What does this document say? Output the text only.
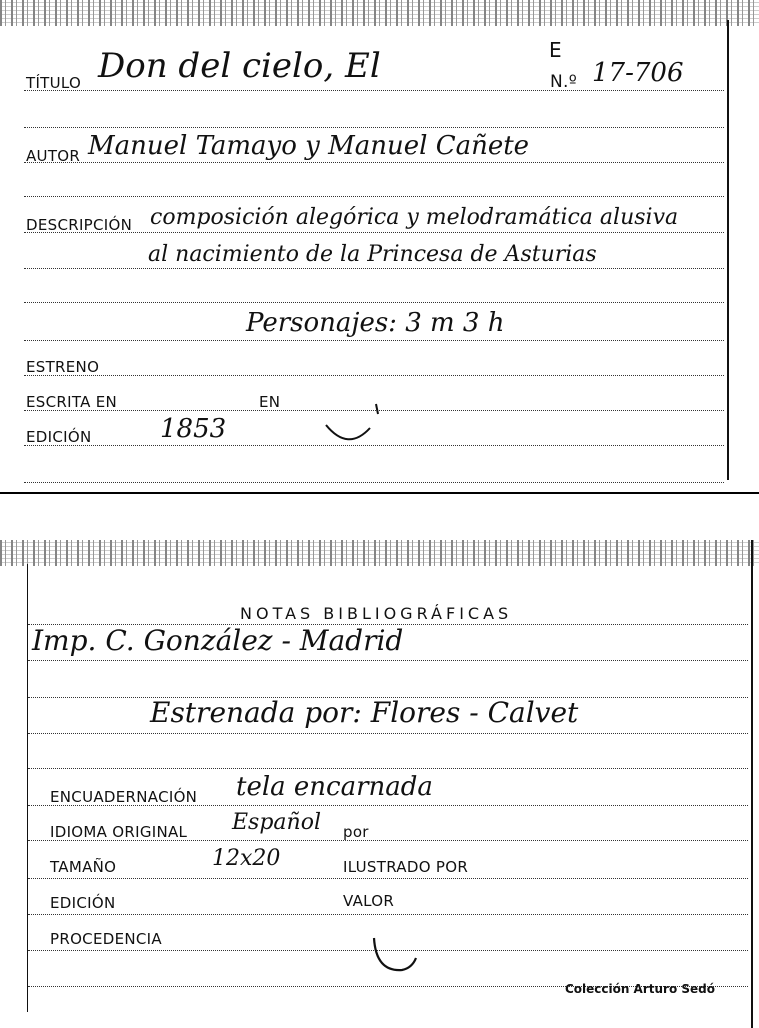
TÍTULO Don del cielo, El	E
N.º 17-706
AUTOR Manuel Tamayo y Manuel Cañete
DESCRIPCIÓN composición alegórica y melodramática alusiva
al nacimiento de la Princesa de Asturias
Personajes: 3 m 3 h
ESTRENO
ESCRITA EN	EN
EDICIÓN	1853
NOTAS BIBLIOGRÁFICAS
Imp. C. González - Madrid
Estrenada por: Flores - Calvet
ENCUADERNACIÓN tela encarnada
IDIOMA ORIGINAL Español por
TAMAÑO	12x20	ILUSTRADO POR
EDICIÓN	VALOR
PROCEDENCIA
Colección Arturo Sedó
